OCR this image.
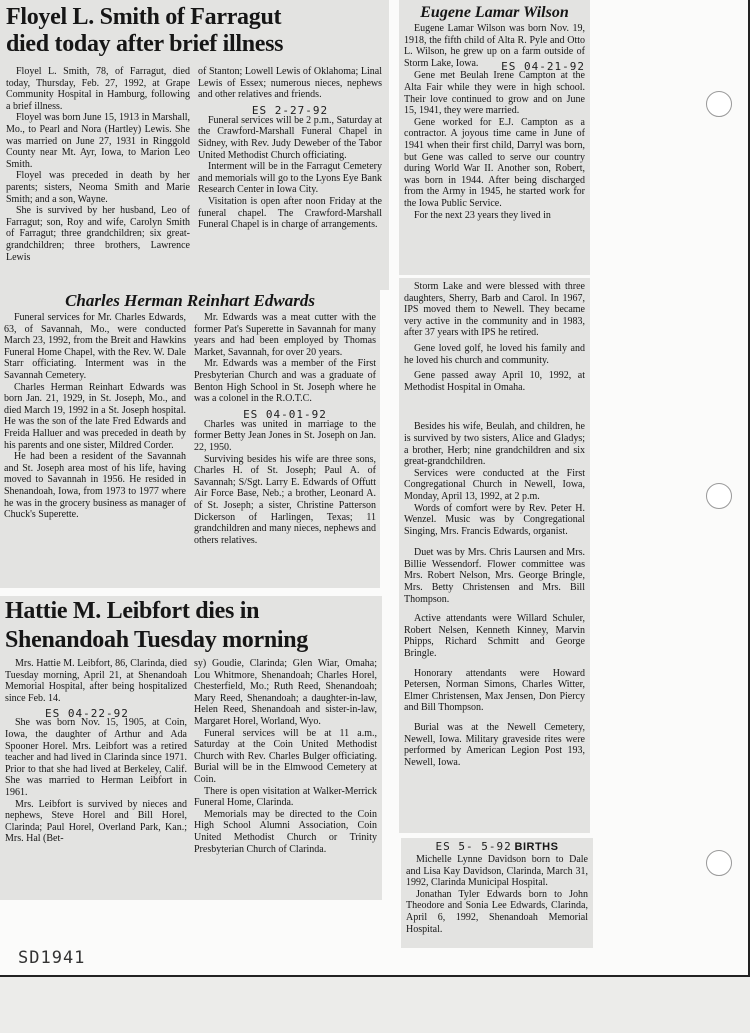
Floyel L. Smith of Farragut
died today after brief illness

Floyel L. Smith, 78, of Farragut, died today, Thursday, Feb. 27, 1992, at Grape Community Hospital in Hamburg, following a brief illness.

Floyel was born June 15, 1913 in Marshall, Mo., to Pearl and Nora (Hartley) Lewis. She was married on June 27, 1931 in Ringgold County near Mt. Ayr, Iowa, to Marion Leo Smith.

Floyel was preceded in death by her parents; sisters, Neoma Smith and Marie Smith; and a son, Wayne.

She is survived by her husband, Leo of Farragut; son, Roy and wife, Carolyn Smith of Farragut; three grandchildren; six great-grandchildren; three brothers, Lawrence Lewis

of Stanton; Lowell Lewis of Oklahoma; Linal Lewis of Essex; numerous nieces, nephews and other relatives and friends.

ES 2-27-92

Funeral services will be 2 p.m., Saturday at the Crawford-Marshall Funeral Chapel in Sidney, with Rev. Judy Deweber of the Tabor United Methodist Church officiating.

Interment will be in the Farragut Cemetery and memorials will go to the Lyons Eye Bank Research Center in Iowa City.

Visitation is open after noon Friday at the funeral chapel. The Crawford-Marshall Funeral Chapel is in charge of arrangements.

Charles Herman Reinhart Edwards

Funeral services for Mr. Charles Edwards, 63, of Savannah, Mo., were conducted March 23, 1992, from the Breit and Hawkins Funeral Home Chapel, with the Rev. W. Dale Starr officiating. Interment was in the Savannah Cemetery.

Charles Herman Reinhart Edwards was born Jan. 21, 1929, in St. Joseph, Mo., and died March 19, 1992 in a St. Joseph hospital. He was the son of the late Fred Edwards and Freida Halluer and was preceded in death by his parents and one sister, Mildred Corder.

He had been a resident of the Savannah and St. Joseph area most of his life, having moved to Savannah in 1956. He resided in Shenandoah, Iowa, from 1973 to 1977 where he was in the grocery business as manager of Chuck's Superette.

Mr. Edwards was a meat cutter with the former Pat's Superette in Savannah for many years and had been employed by Thomas Market, Savannah, for over 20 years.

Mr. Edwards was a member of the First Presbyterian Church and was a graduate of Benton High School in St. Joseph where he was a colonel in the R.O.T.C.

ES 04-01-92

Charles was united in marriage to the former Betty Jean Jones in St. Joseph on Jan. 22, 1950.

Surviving besides his wife are three sons, Charles H. of St. Joseph; Paul A. of Savannah; S/Sgt. Larry E. Edwards of Offutt Air Force Base, Neb.; a brother, Leonard A. of St. Joseph; a sister, Christine Patterson Dickerson of Harlingen, Texas; 11 grandchildren and many nieces, nephews and others relatives.

Hattie M. Leibfort dies in
Shenandoah Tuesday morning

Mrs. Hattie M. Leibfort, 86, Clarinda, died Tuesday morning, April 21, at Shenandoah Memorial Hospital, after being hospitalized since Feb. 14.

ES 04-22-92

She was born Nov. 15, 1905, at Coin, Iowa, the daughter of Arthur and Ada Spooner Horel. Mrs. Leibfort was a retired teacher and had lived in Clarinda since 1971. Prior to that she had lived at Berkeley, Calif. She was married to Herman Leibfort in 1961.

Mrs. Leibfort is survived by nieces and nephews, Steve Horel and Bill Horel, Clarinda; Paul Horel, Overland Park, Kan.; Mrs. Hal (Bet-

sy) Goudie, Clarinda; Glen Wiar, Omaha; Lou Whitmore, Shenandoah; Charles Horel, Chesterfield, Mo.; Ruth Reed, Shenandoah; Mary Reed, Shenandoah; a daughter-in-law, Helen Reed, Shenandoah and sister-in-law, Margaret Horel, Worland, Wyo.

Funeral services will be at 11 a.m., Saturday at the Coin United Methodist Church with Rev. Charles Bulger officiating. Burial will be in the Elmwood Cemetery at Coin.

There is open visitation at Walker-Merrick Funeral Home, Clarinda.

Memorials may be directed to the Coin High School Alumni Association, Coin United Methodist Church or Trinity Presbyterian Church of Clarinda.

Eugene Lamar Wilson

Eugene Lamar Wilson was born Nov. 19, 1918, the fifth child of Alta R. Pyle and Otto L. Wilson, he grew up on a farm outside of Storm Lake, Iowa.	ES 04-21-92

Gene met Beulah Irene Campton at the Alta Fair while they were in high school. Their love continued to grow and on June 15, 1941, they were married.

Gene worked for E.J. Campton as a contractor. A joyous time came in June of 1941 when their first child, Darryl was born, but Gene was called to serve our country during World War II. Another son, Robert, was born in 1944. After being discharged from the Army in 1945, he started work for the Iowa Public Service.

For the next 23 years they lived in

Storm Lake and were blessed with three daughters, Sherry, Barb and Carol. In 1967, IPS moved them to Newell. They became very active in the community and in 1983, after 37 years with IPS he retired.

Gene loved golf, he loved his family and he loved his church and community.

Gene passed away April 10, 1992, at Methodist Hospital in Omaha.

Besides his wife, Beulah, and children, he is survived by two sisters, Alice and Gladys; a brother, Herb; nine grandchildren and six great-grandchildren.

Services were conducted at the First Congregational Church in Newell, Iowa, Monday, April 13, 1992, at 2 p.m.

Words of comfort were by Rev. Peter H. Wenzel. Music was by Congregational Singing, Mrs. Francis Edwards, organist.

Duet was by Mrs. Chris Laursen and Mrs. Billie Wessendorf. Flower committee was Mrs. Robert Nelson, Mrs. George Bringle, Mrs. Betty Christensen and Mrs. Bill Thompson.

Active attendants were Willard Schuler, Robert Nelsen, Kenneth Kinney, Marvin Phipps, Richard Schmitt and George Bringle.

Honorary attendants were Howard Petersen, Norman Simons, Charles Witter, Elmer Christensen, Max Jensen, Don Piercy and Bill Thompson.

Burial was at the Newell Cemetery, Newell, Iowa. Military graveside rites were performed by American Legion Post 193, Newell, Iowa.

ES 5- 5-92 BIRTHS

Michelle Lynne Davidson born to Dale and Lisa Kay Davidson, Clarinda, March 31, 1992, Clarinda Municipal Hospital.

Jonathan Tyler Edwards born to John Theodore and Sonia Lee Edwards, Clarinda, April 6, 1992, Shenandoah Memorial Hospital.

SD1941
